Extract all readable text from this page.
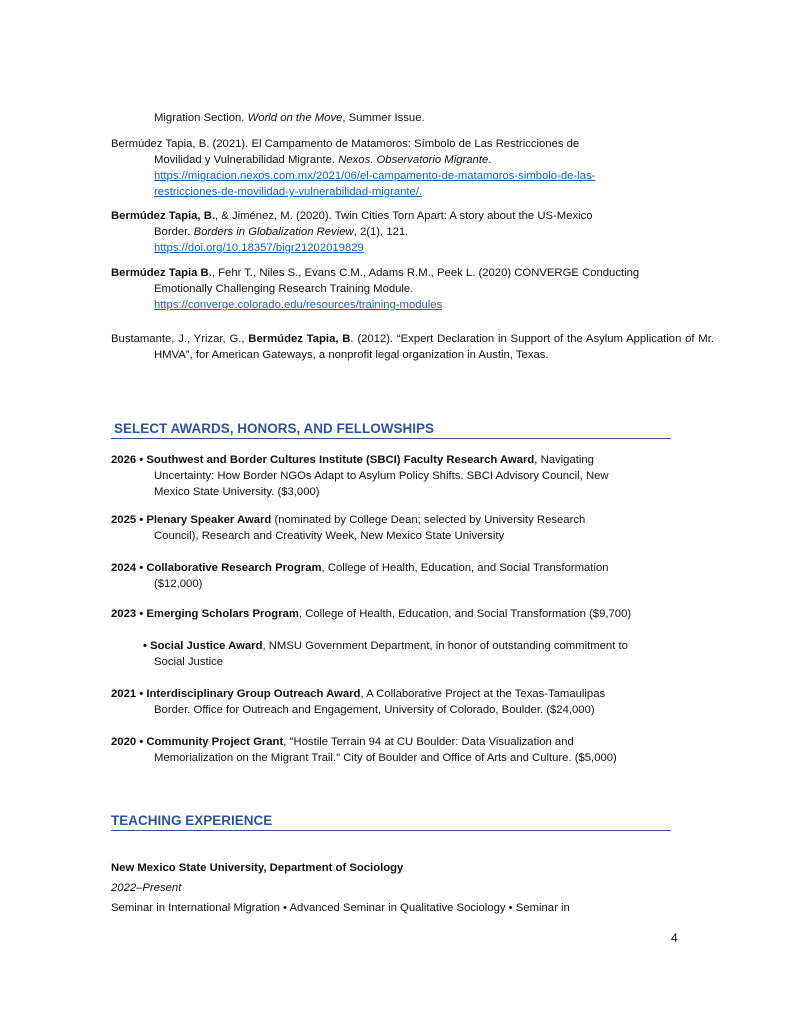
Migration Section. World on the Move, Summer Issue.
Bermúdez Tapia, B. (2021). El Campamento de Matamoros: Símbolo de Las Restricciones de
Movilidad y Vulnerabilidad Migrante. Nexos. Observatorio Migrante.
https://migracion.nexos.com.mx/2021/06/el-campamento-de-matamoros-simbolo-de-las-
restricciones-de-movilidad-y-vulnerabilidad-migrante/.
Bermúdez Tapia, B., & Jiménez, M. (2020). Twin Cities Torn Apart: A story about the US-Mexico
Border. Borders in Globalization Review, 2(1), 121.
https://doi.org/10.18357/bigr21202019829
Bermúdez Tapia B., Fehr T., Niles S., Evans C.M., Adams R.M., Peek L. (2020) CONVERGE Conducting
Emotionally Challenging Research Training Module.
https://converge.colorado.edu/resources/training-modules
Bustamante, J., Yrizar, G., Bermúdez Tapia, B. (2012). “Expert Declaration in Support of the Asylum Application of Mr. HMVA”, for American Gateways, a nonprofit legal organization in Austin, Texas.
SELECT AWARDS, HONORS, AND FELLOWSHIPS
2026 • Southwest and Border Cultures Institute (SBCI) Faculty Research Award, Navigating
Uncertainty: How Border NGOs Adapt to Asylum Policy Shifts. SBCI Advisory Council, New
Mexico State University. ($3,000)
2025 • Plenary Speaker Award (nominated by College Dean; selected by University Research
Council), Research and Creativity Week, New Mexico State University
2024 • Collaborative Research Program, College of Health, Education, and Social Transformation
($12,000)
2023 • Emerging Scholars Program, College of Health, Education, and Social Transformation ($9,700)
• Social Justice Award, NMSU Government Department, in honor of outstanding commitment to
Social Justice
2021 • Interdisciplinary Group Outreach Award, A Collaborative Project at the Texas-Tamaulipas
Border. Office for Outreach and Engagement, University of Colorado, Boulder. ($24,000)
2020 • Community Project Grant, "Hostile Terrain 94 at CU Boulder: Data Visualization and
Memorialization on the Migrant Trail." City of Boulder and Office of Arts and Culture. ($5,000)
TEACHING EXPERIENCE
New Mexico State University, Department of Sociology
2022–Present
Seminar in International Migration • Advanced Seminar in Qualitative Sociology • Seminar in
4
